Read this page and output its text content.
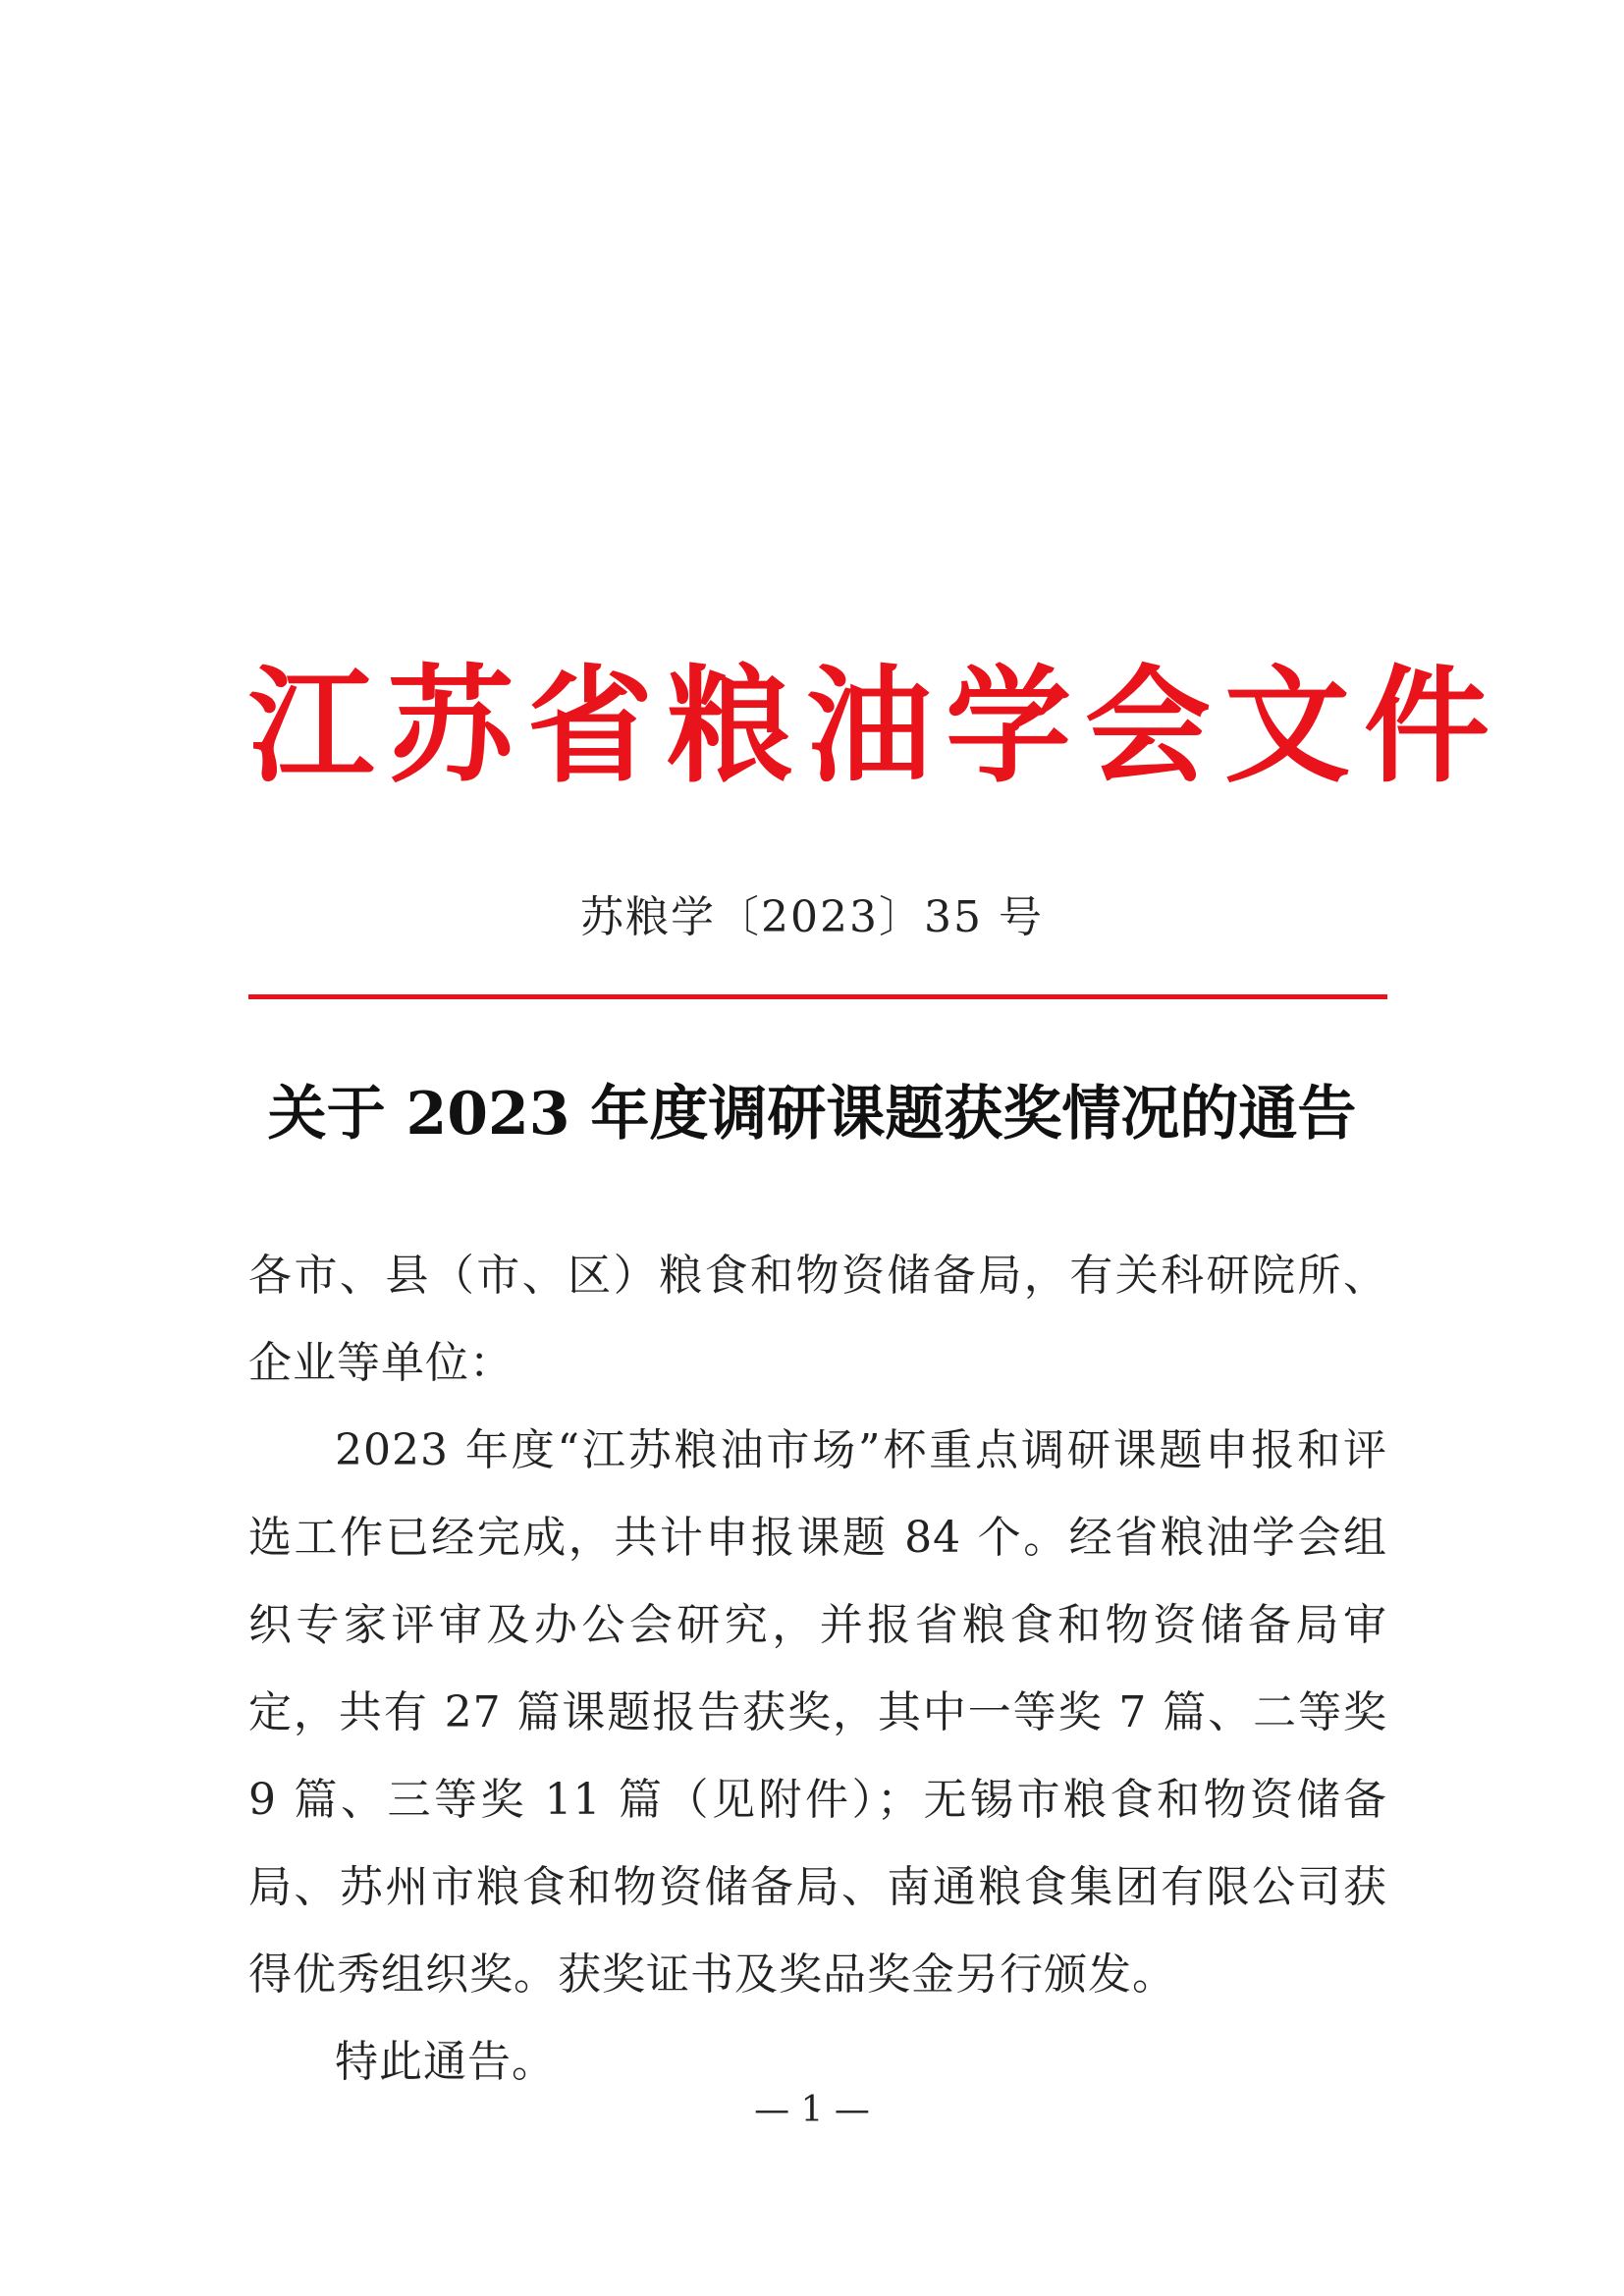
江苏省粮油学会文件
苏粮学〔2023〕35 号
关于 2023 年度调研课题获奖情况的通告

各市、县（市、区）粮食和物资储备局，有关科研院所、企业等单位：

2023 年度“江苏粮油市场”杯重点调研课题申报和评选工作已经完成，共计申报课题 84 个。经省粮油学会组织专家评审及办公会研究，并报省粮食和物资储备局审定，共有 27 篇课题报告获奖，其中一等奖 7 篇、二等奖 9 篇、三等奖 11 篇（见附件）；无锡市粮食和物资储备局、苏州市粮食和物资储备局、南通粮食集团有限公司获得优秀组织奖。获奖证书及奖品奖金另行颁发。

特此通告。

— 1 —
